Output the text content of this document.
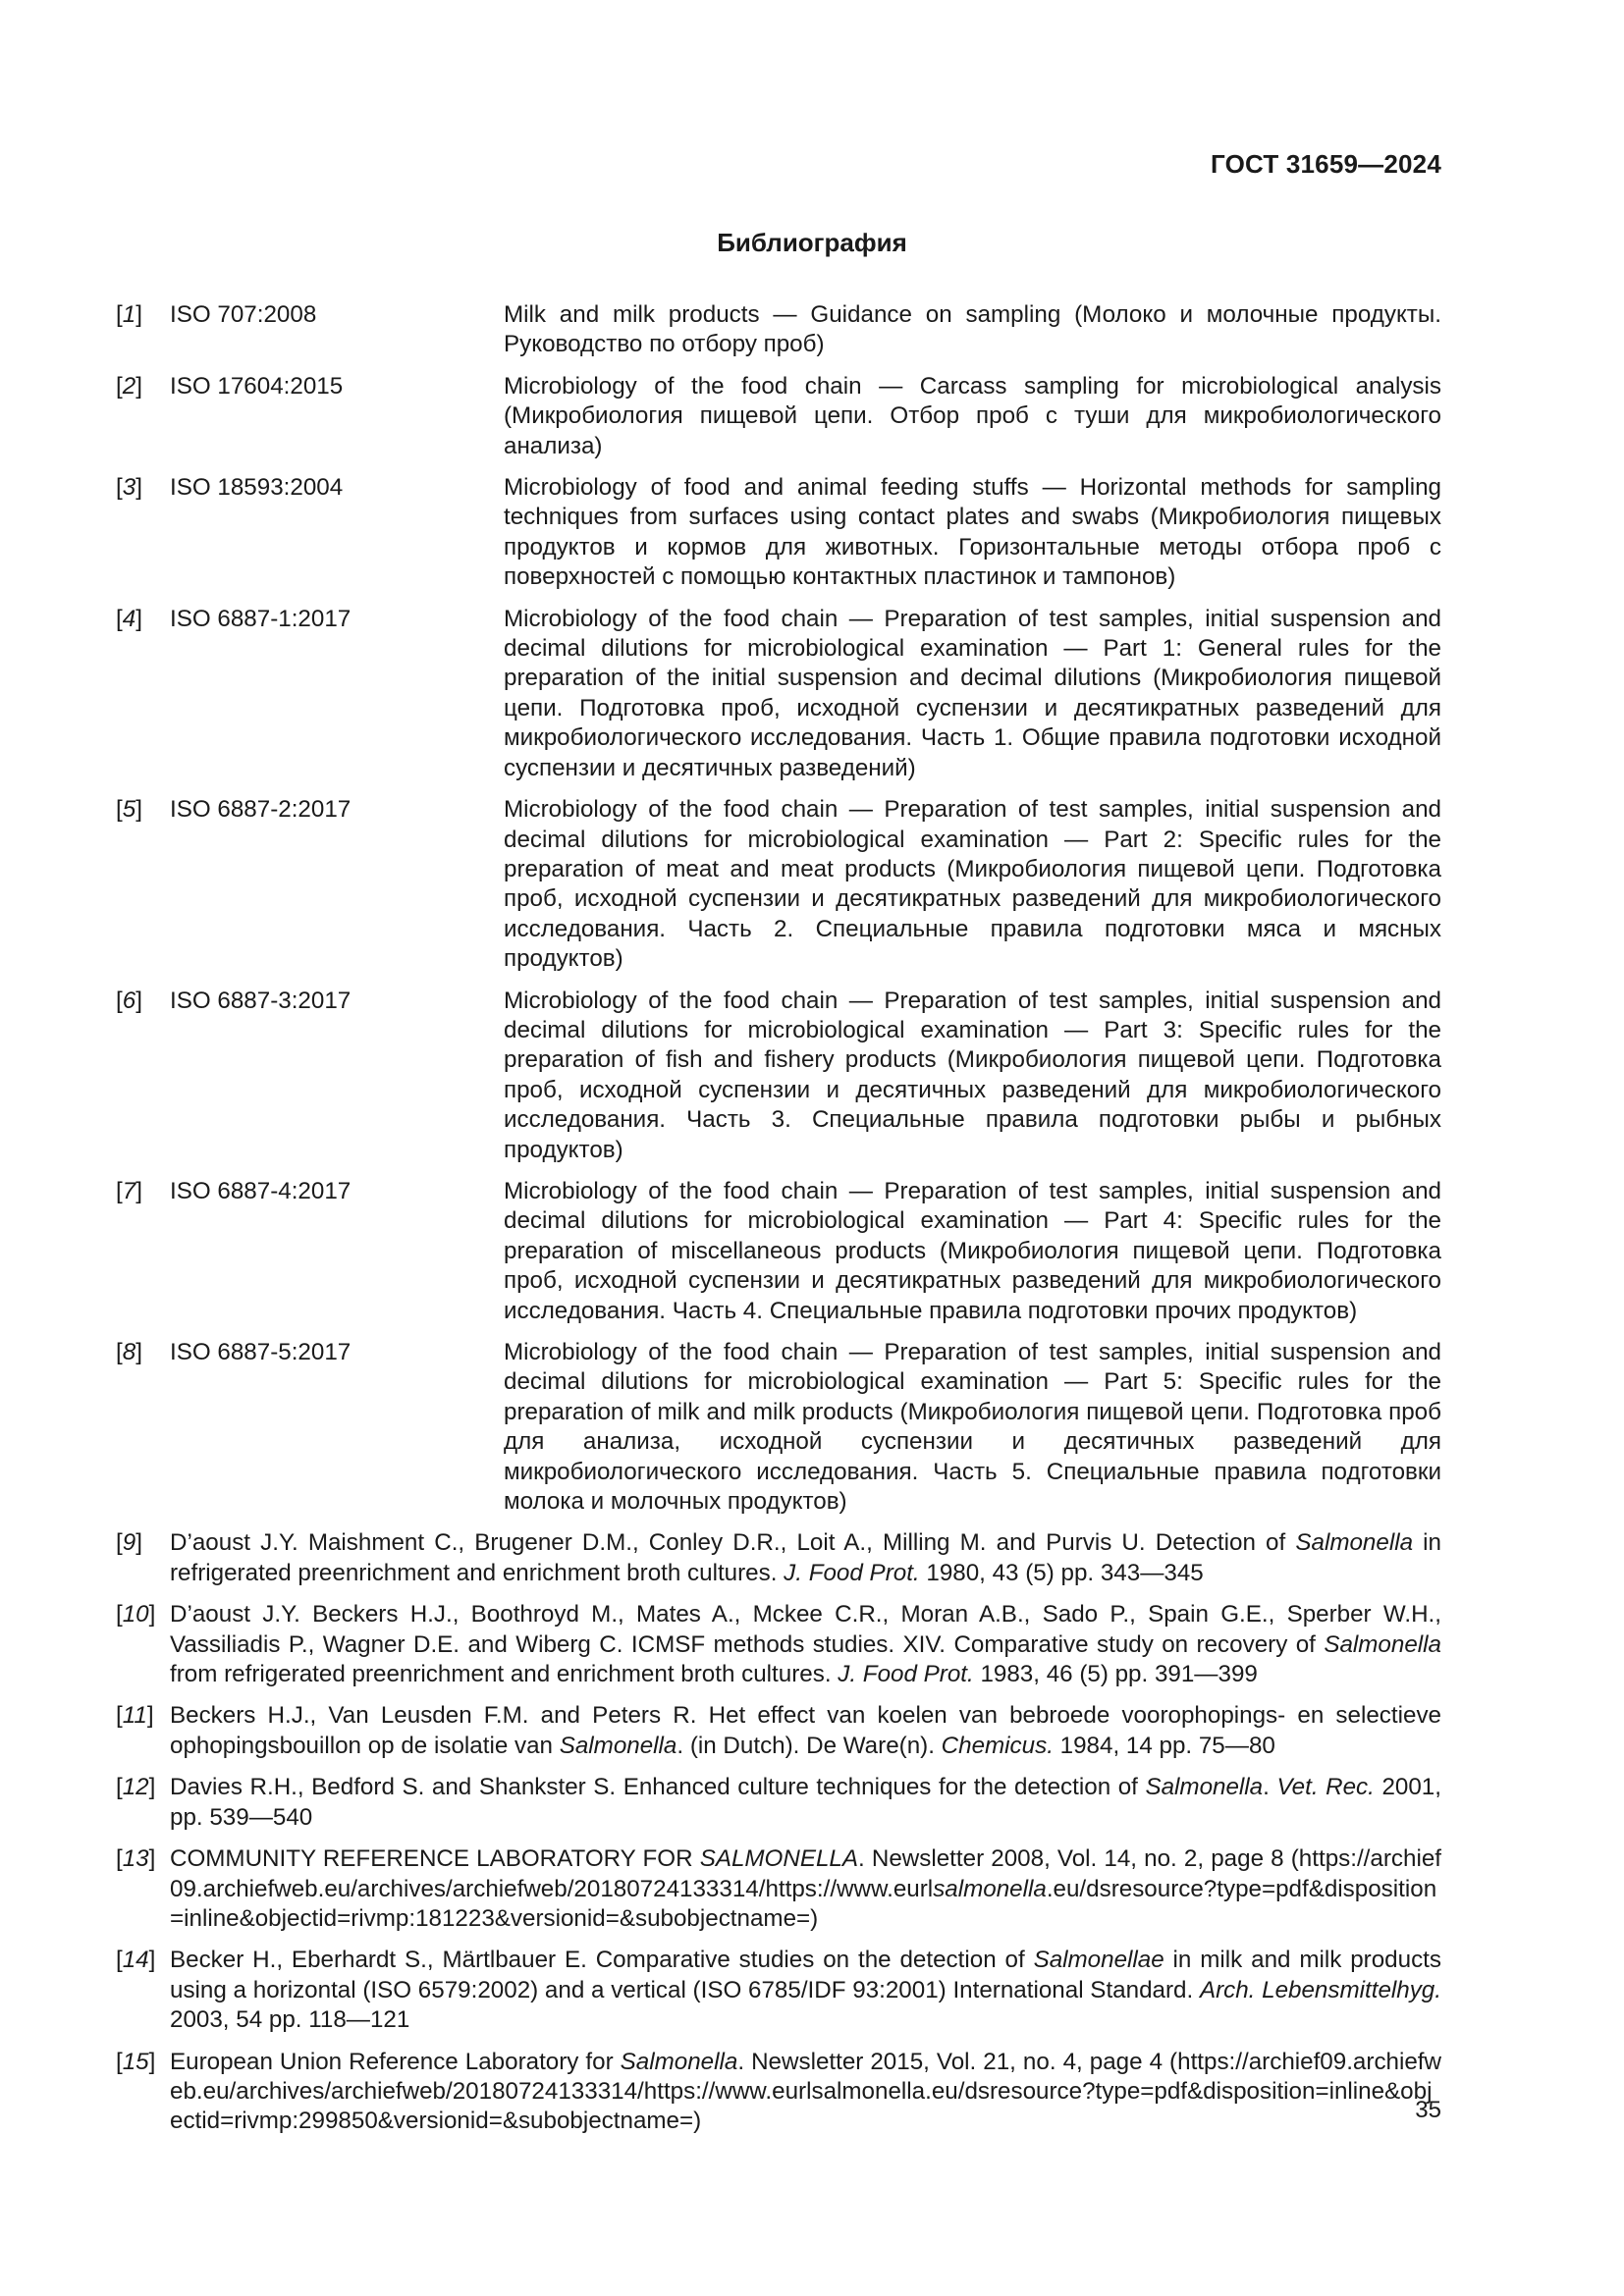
ГОСТ 31659—2024
Библиография
[1]	ISO 707:2008	Milk and milk products — Guidance on sampling (Молоко и молочные продукты. Руководство по отбору проб)
[2]	ISO 17604:2015	Microbiology of the food chain — Carcass sampling for microbiological analysis (Микробиология пищевой цепи. Отбор проб с туши для микробиологического анализа)
[3]	ISO 18593:2004	Microbiology of food and animal feeding stuffs — Horizontal methods for sampling techniques from surfaces using contact plates and swabs (Микробиология пищевых продуктов и кормов для животных. Горизонтальные методы отбора проб с поверхностей с помощью контактных пластинок и тампонов)
[4]	ISO 6887-1:2017	Microbiology of the food chain — Preparation of test samples, initial suspension and decimal dilutions for microbiological examination — Part 1: General rules for the preparation of the initial suspension and decimal dilutions (Микробиология пищевой цепи. Подготовка проб, исходной суспензии и десятикратных разведений для микробиологического исследования. Часть 1. Общие правила подготовки исходной суспензии и десятичных разведений)
[5]	ISO 6887-2:2017	Microbiology of the food chain — Preparation of test samples, initial suspension and decimal dilutions for microbiological examination — Part 2: Specific rules for the preparation of meat and meat products (Микробиология пищевой цепи. Подготовка проб, исходной суспензии и десятикратных разведений для микробиологического исследования. Часть 2. Специальные правила подготовки мяса и мясных продуктов)
[6]	ISO 6887-3:2017	Microbiology of the food chain — Preparation of test samples, initial suspension and decimal dilutions for microbiological examination — Part 3: Specific rules for the preparation of fish and fishery products (Микробиология пищевой цепи. Подготовка проб, исходной суспензии и десятичных разведений для микробиологического исследования. Часть 3. Специальные правила подготовки рыбы и рыбных продуктов)
[7]	ISO 6887-4:2017	Microbiology of the food chain — Preparation of test samples, initial suspension and decimal dilutions for microbiological examination — Part 4: Specific rules for the preparation of miscellaneous products (Микробиология пищевой цепи. Подготовка проб, исходной суспензии и десятикратных разведений для микробиологического исследования. Часть 4. Специальные правила подготовки прочих продуктов)
[8]	ISO 6887-5:2017	Microbiology of the food chain — Preparation of test samples, initial suspension and decimal dilutions for microbiological examination — Part 5: Specific rules for the preparation of milk and milk products (Микробиология пищевой цепи. Подготовка проб для анализа, исходной суспензии и десятичных разведений для микробиологического исследования. Часть 5. Специальные правила подготовки молока и молочных продуктов)
[9]	D’aoust J.Y. Maishment C., Brugener D.M., Conley D.R., Loit A., Milling M. and Purvis U. Detection of Salmonella in refrigerated preenrichment and enrichment broth cultures. J. Food Prot. 1980, 43 (5) pp. 343—345
[10] D’aoust J.Y. Beckers H.J., Boothroyd M., Mates A., Mckee C.R., Moran A.B., Sado P., Spain G.E., Sperber W.H., Vassiliadis P., Wagner D.E. and Wiberg C. ICMSF methods studies. XIV. Comparative study on recovery of Salmonella from refrigerated preenrichment and enrichment broth cultures. J. Food Prot. 1983, 46 (5) pp. 391—399
[11] Beckers H.J., Van Leusden F.M. and Peters R. Het effect van koelen van bebroede voorophopings- en selectieve ophopingsbouillon op de isolatie van Salmonella. (in Dutch). De Ware(n). Chemicus. 1984, 14 pp. 75—80
[12] Davies R.H., Bedford S. and Shankster S. Enhanced culture techniques for the detection of Salmonella. Vet. Rec. 2001, pp. 539—540
[13] COMMUNITY REFERENCE LABORATORY FOR SALMONELLA. Newsletter 2008, Vol. 14, no. 2, page 8 (https://archief09.archiefweb.eu/archives/archiefweb/20180724133314/https://www.eurlsalmonella.eu/dsresource?type=pdf&disposition=inline&objectid=rivmp:181223&versionid=&subobjectname=)
[14] Becker H., Eberhardt S., Märtlbauer E. Comparative studies on the detection of Salmonellae in milk and milk products using a horizontal (ISO 6579:2002) and a vertical (ISO 6785/IDF 93:2001) International Standard. Arch. Lebensmittelhyg. 2003, 54 pp. 118—121
[15] European Union Reference Laboratory for Salmonella. Newsletter 2015, Vol. 21, no. 4, page 4 (https://archief09.archiefweb.eu/archives/archiefweb/20180724133314/https://www.eurlsalmonella.eu/dsresource?type=pdf&disposition=inline&objectid=rivmp:299850&versionid=&subobjectname=)	35
